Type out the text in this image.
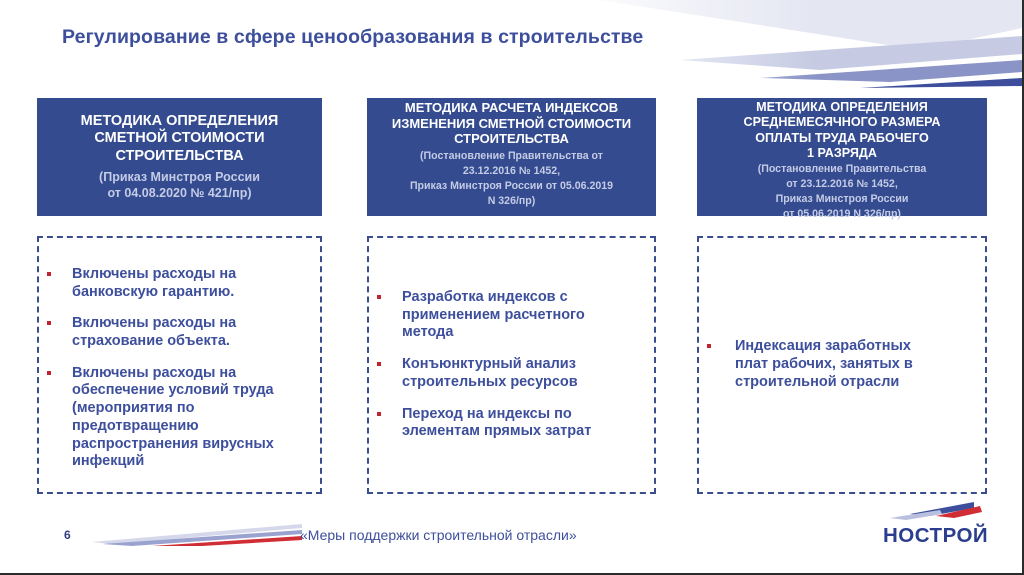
Регулирование в сфере ценообразования в строительстве
МЕТОДИКА ОПРЕДЕЛЕНИЯ
СМЕТНОЙ СТОИМОСТИ
СТРОИТЕЛЬСТВА
(Приказ Минстроя России
от 04.08.2020 № 421/пр)
Включены расходы на
банковскую гарантию.
Включены расходы на
страхование объекта.
Включены расходы на
обеспечение условий труда
(мероприятия по
предотвращению
распространения вирусных
инфекций
МЕТОДИКА РАСЧЕТА ИНДЕКСОВ
ИЗМЕНЕНИЯ СМЕТНОЙ СТОИМОСТИ
СТРОИТЕЛЬСТВА
(Постановление Правительства от
23.12.2016 № 1452,
Приказ Минстроя России от 05.06.2019
N 326/пр)
Разработка индексов с
применением расчетного
метода
Конъюнктурный анализ
строительных ресурсов
Переход на индексы по
элементам прямых затрат
МЕТОДИКА ОПРЕДЕЛЕНИЯ
СРЕДНЕМЕСЯЧНОГО РАЗМЕРА
ОПЛАТЫ ТРУДА РАБОЧЕГО
1 РАЗРЯДА
(Постановление Правительства
от 23.12.2016 № 1452,
Приказ Минстроя России
от 05.06.2019 N 326/пр)
Индексация заработных
плат рабочих, занятых в
строительной отрасли
6	«Меры поддержки строительной отрасли»	НОСТРОЙ
